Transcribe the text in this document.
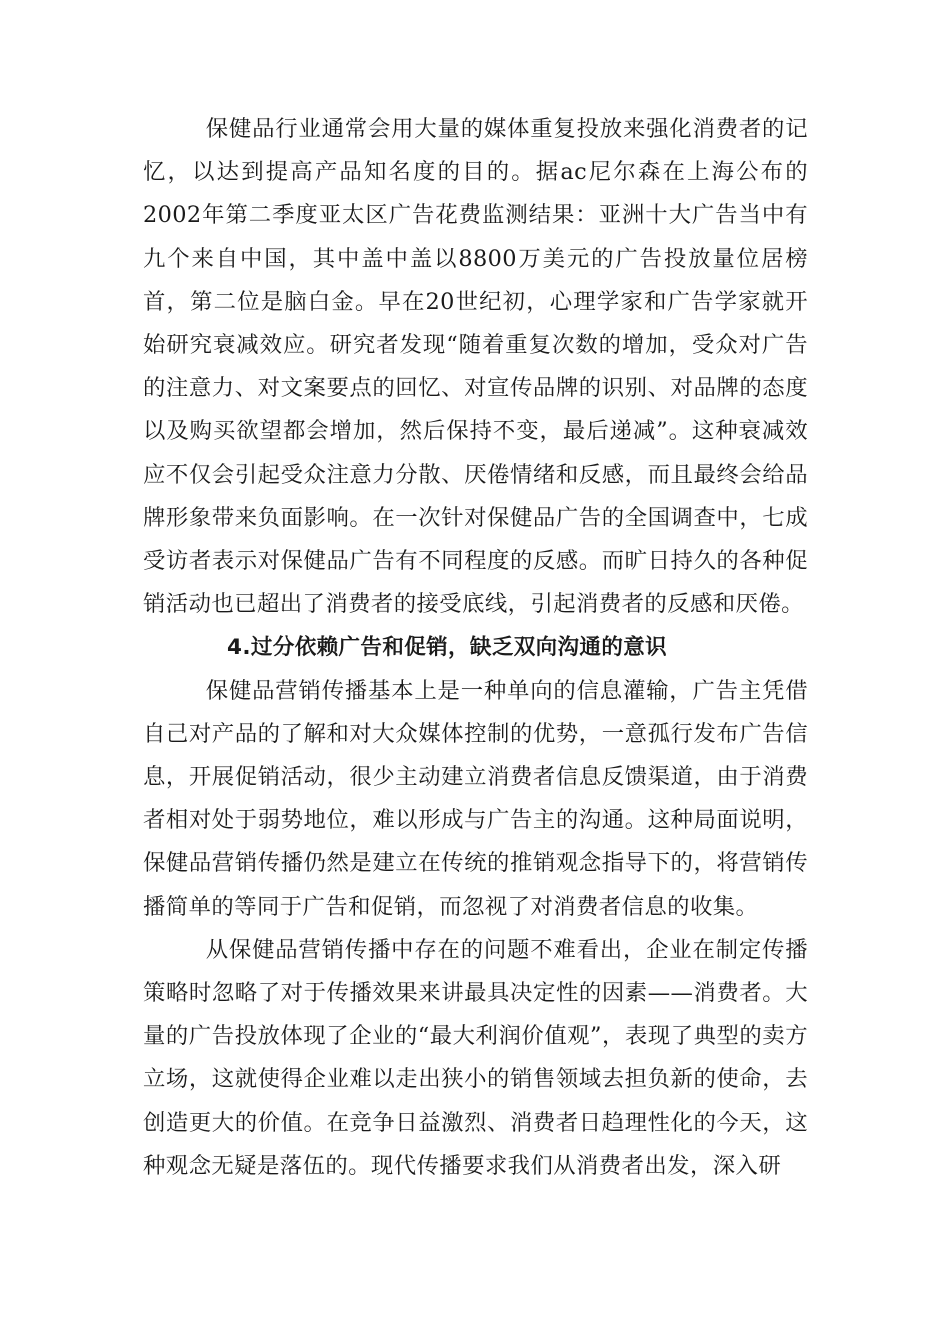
保健品行业通常会用大量的媒体重复投放来强化消费者的记忆，以达到提高产品知名度的目的。据ac尼尔森在上海公布的2002年第二季度亚太区广告花费监测结果：亚洲十大广告当中有九个来自中国，其中盖中盖以8800万美元的广告投放量位居榜首，第二位是脑白金。早在20世纪初，心理学家和广告学家就开始研究衰减效应。研究者发现“随着重复次数的增加，受众对广告的注意力、对文案要点的回忆、对宣传品牌的识别、对品牌的态度以及购买欲望都会增加，然后保持不变，最后递减”。这种衰减效应不仅会引起受众注意力分散、厌倦情绪和反感，而且最终会给品牌形象带来负面影响。在一次针对保健品广告的全国调查中，七成受访者表示对保健品广告有不同程度的反感。而旷日持久的各种促销活动也已超出了消费者的接受底线，引起消费者的反感和厌倦。

4.过分依赖广告和促销，缺乏双向沟通的意识

保健品营销传播基本上是一种单向的信息灌输，广告主凭借自己对产品的了解和对大众媒体控制的优势，一意孤行发布广告信息，开展促销活动，很少主动建立消费者信息反馈渠道，由于消费者相对处于弱势地位，难以形成与广告主的沟通。这种局面说明，保健品营销传播仍然是建立在传统的推销观念指导下的，将营销传播简单的等同于广告和促销，而忽视了对消费者信息的收集。

从保健品营销传播中存在的问题不难看出，企业在制定传播策略时忽略了对于传播效果来讲最具决定性的因素——消费者。大量的广告投放体现了企业的“最大利润价值观”，表现了典型的卖方立场，这就使得企业难以走出狭小的销售领域去担负新的使命，去创造更大的价值。在竞争日益激烈、消费者日趋理性化的今天，这种观念无疑是落伍的。现代传播要求我们从消费者出发，深入研
